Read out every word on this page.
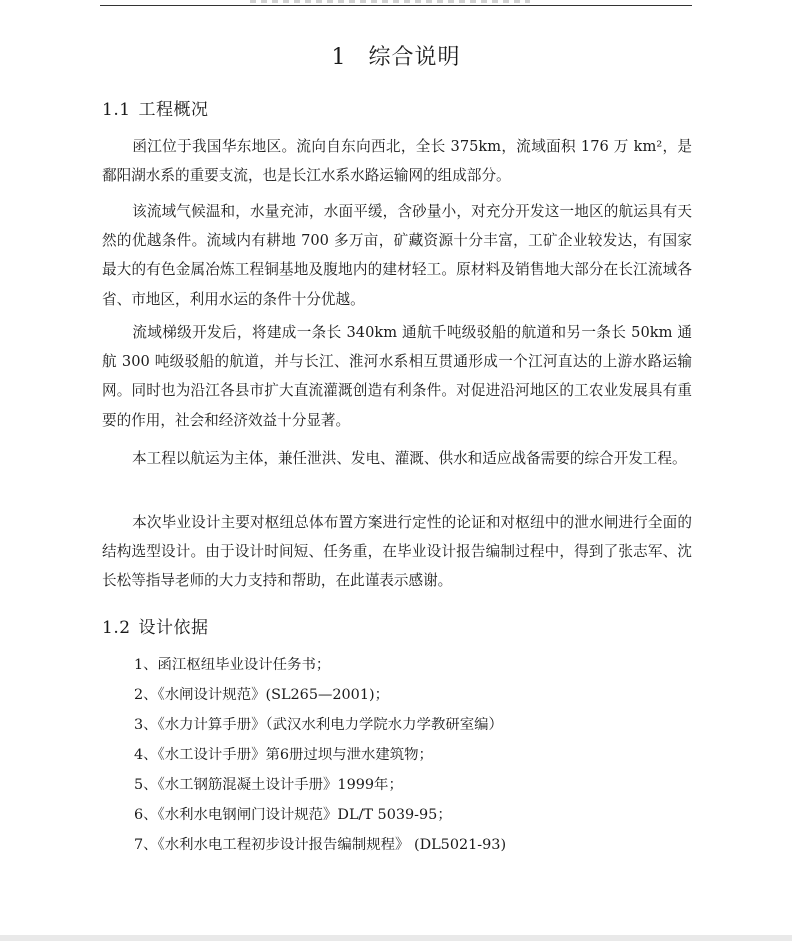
1 综合说明
1.1 工程概况

函江位于我国华东地区。流向自东向西北，全长 375km，流域面积 176 万 km²，是鄱阳湖水系的重要支流，也是长江水系水路运输网的组成部分。

该流域气候温和，水量充沛，水面平缓，含砂量小，对充分开发这一地区的航运具有天然的优越条件。流域内有耕地 700 多万亩，矿藏资源十分丰富，工矿企业较发达，有国家最大的有色金属冶炼工程铜基地及腹地内的建材轻工。原材料及销售地大部分在长江流域各省、市地区，利用水运的条件十分优越。

流域梯级开发后，将建成一条长 340km 通航千吨级驳船的航道和另一条长 50km 通航 300 吨级驳船的航道，并与长江、淮河水系相互贯通形成一个江河直达的上游水路运输网。同时也为沿江各县市扩大直流灌溉创造有利条件。对促进沿河地区的工农业发展具有重要的作用，社会和经济效益十分显著。

本工程以航运为主体，兼任泄洪、发电、灌溉、供水和适应战备需要的综合开发工程。

本次毕业设计主要对枢纽总体布置方案进行定性的论证和对枢纽中的泄水闸进行全面的结构选型设计。由于设计时间短、任务重，在毕业设计报告编制过程中，得到了张志军、沈长松等指导老师的大力支持和帮助，在此谨表示感谢。

1.2 设计依据
1、函江枢纽毕业设计任务书；
2、《水闸设计规范》(SL265—2001)；
3、《水力计算手册》（武汉水利电力学院水力学教研室编）
4、《水工设计手册》第6册过坝与泄水建筑物；
5、《水工钢筋混凝土设计手册》1999年；
6、《水利水电钢闸门设计规范》DL/T 5039-95；
7、《水利水电工程初步设计报告编制规程》 (DL5021-93)
